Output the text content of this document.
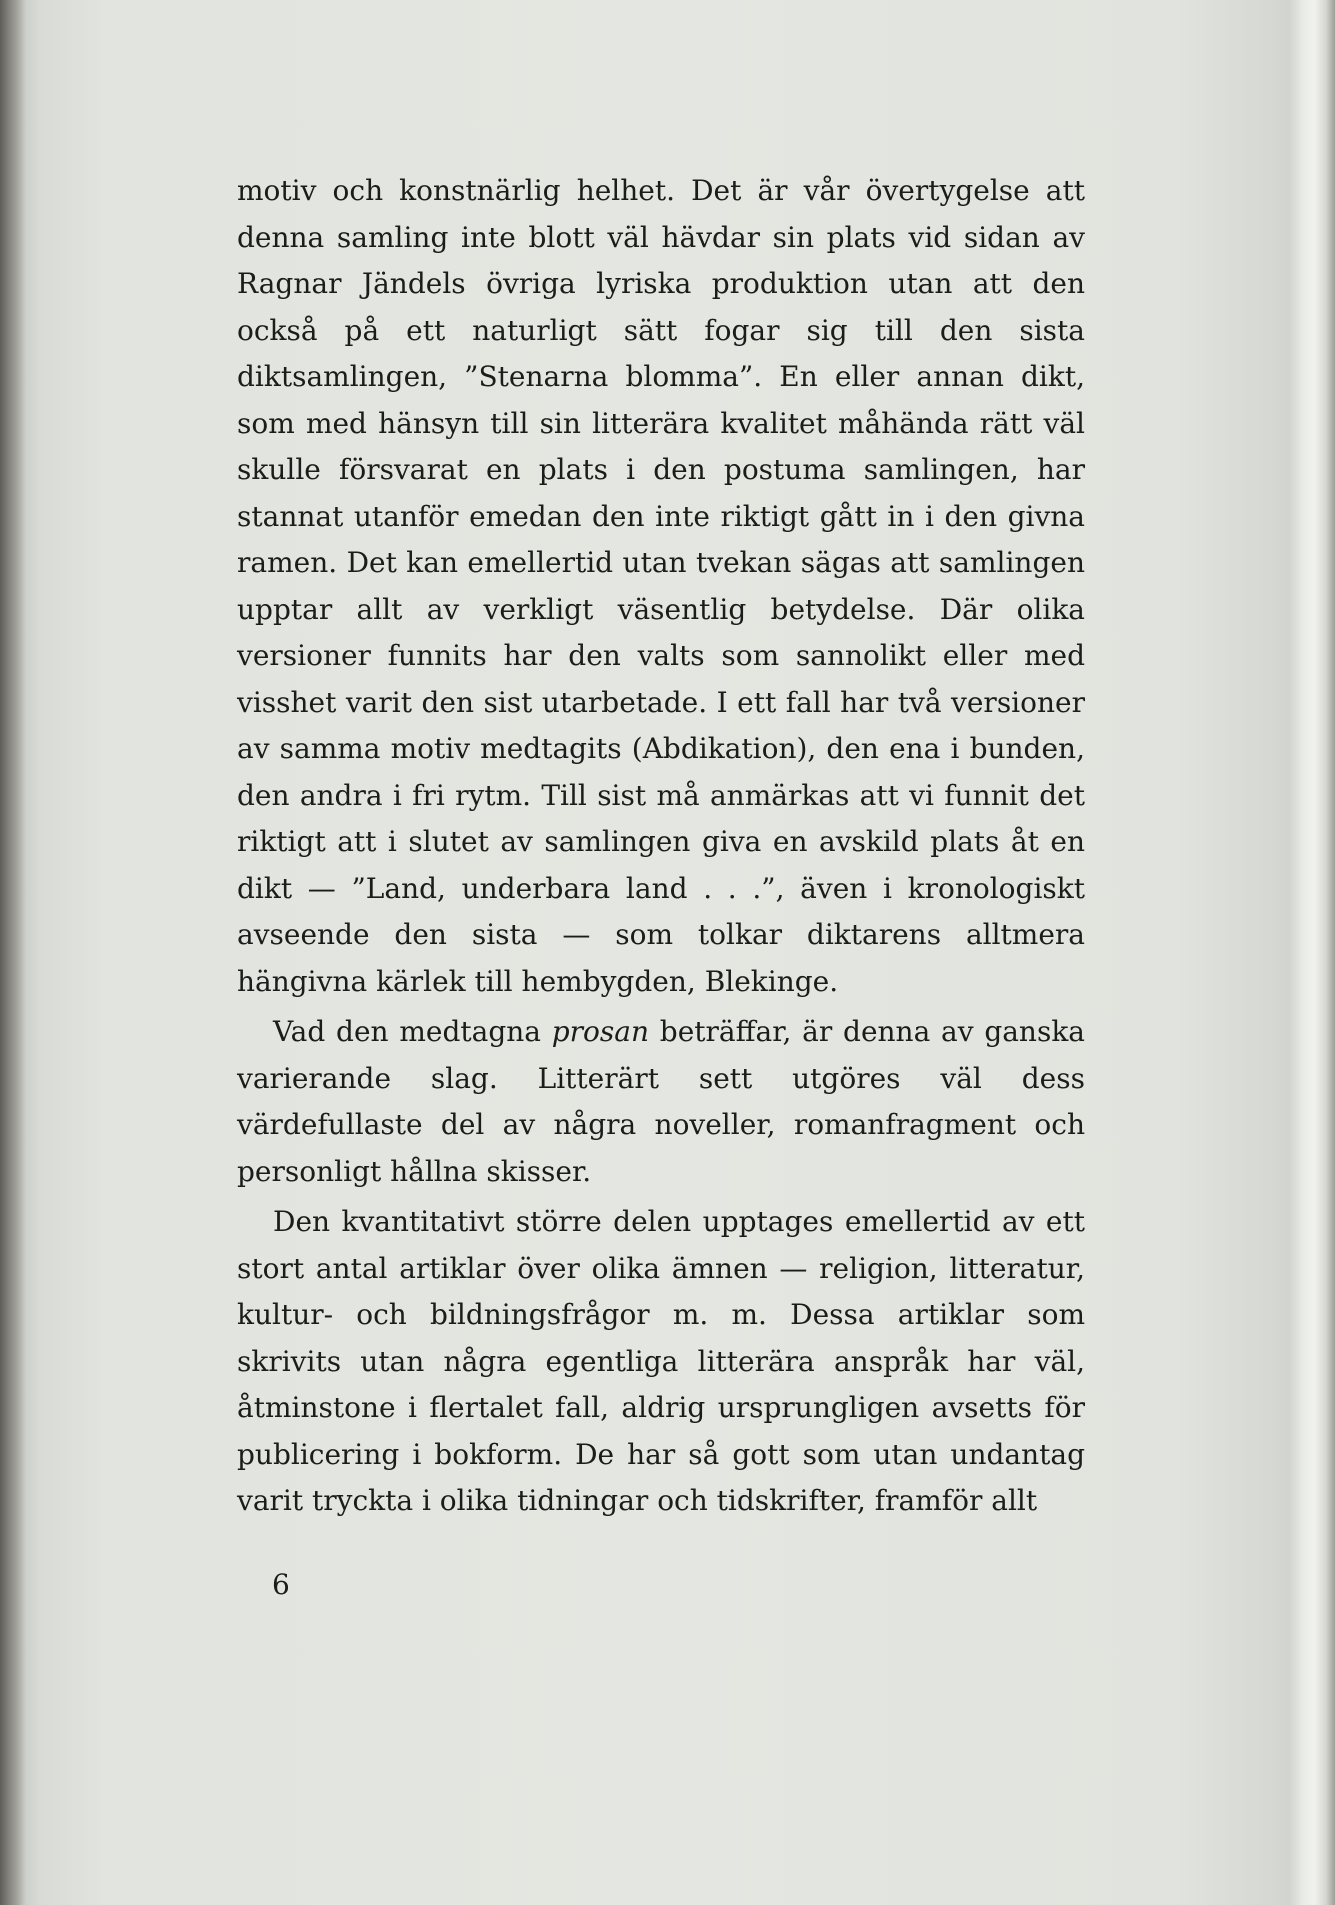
motiv och konstnärlig helhet. Det är vår övertygelse att denna samling inte blott väl hävdar sin plats vid sidan av Ragnar Jändels övriga lyriska produktion utan att den också på ett naturligt sätt fogar sig till den sista diktsamlingen, ”Stenarna blomma”. En eller annan dikt, som med hänsyn till sin litterära kvalitet måhända rätt väl skulle försvarat en plats i den postuma samlingen, har stannat utanför emedan den inte riktigt gått in i den givna ramen. Det kan emellertid utan tvekan sägas att samlingen upptar allt av verkligt väsentlig betydelse. Där olika versioner funnits har den valts som sannolikt eller med visshet varit den sist utarbetade. I ett fall har två versioner av samma motiv medtagits (Abdikation), den ena i bunden, den andra i fri rytm. Till sist må anmärkas att vi funnit det riktigt att i slutet av samlingen giva en avskild plats åt en dikt — ”Land, underbara land . . .”, även i kronologiskt avseende den sista — som tolkar diktarens alltmera hängivna kärlek till hembygden, Blekinge.

Vad den medtagna prosan beträffar, är denna av ganska varierande slag. Litterärt sett utgöres väl dess värdefullaste del av några noveller, romanfragment och personligt hållna skisser.

Den kvantitativt större delen upptages emellertid av ett stort antal artiklar över olika ämnen — religion, litteratur, kultur- och bildningsfrågor m. m. Dessa artiklar som skrivits utan några egentliga litterära anspråk har väl, åtminstone i flertalet fall, aldrig ursprungligen avsetts för publicering i bokform. De har så gott som utan undantag varit tryckta i olika tidningar och tidskrifter, framför allt

6
